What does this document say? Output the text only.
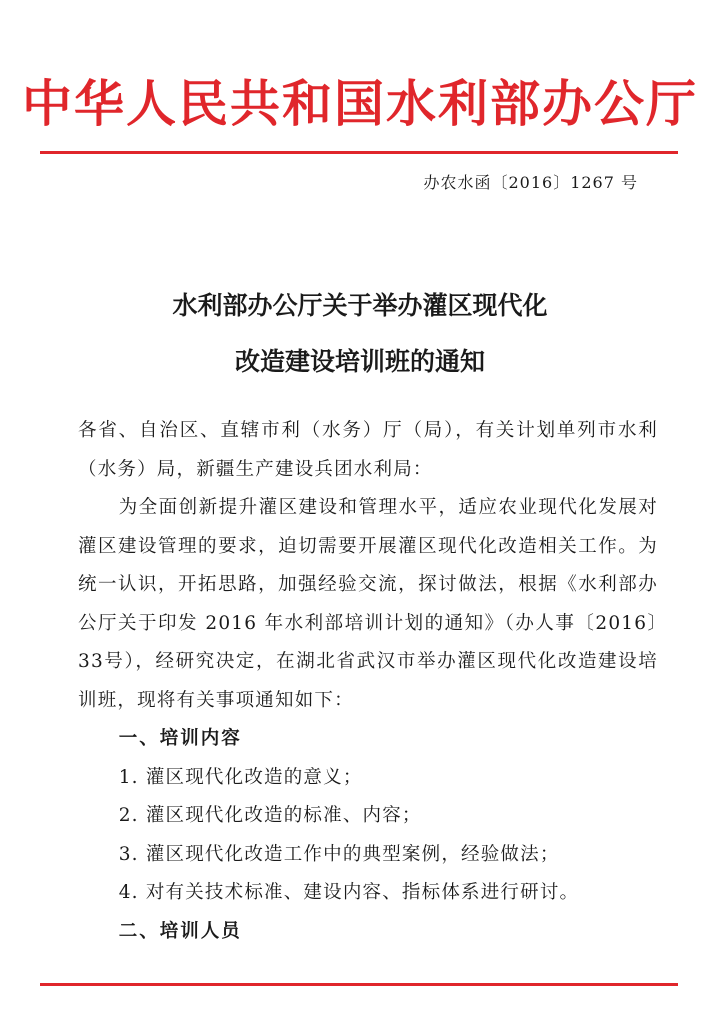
中华人民共和国水利部办公厅
办农水函〔2016〕1267 号
水利部办公厅关于举办灌区现代化
改造建设培训班的通知

各省、自治区、直辖市利（水务）厅（局），有关计划单列市水利（水务）局，新疆生产建设兵团水利局：

为全面创新提升灌区建设和管理水平，适应农业现代化发展对灌区建设管理的要求，迫切需要开展灌区现代化改造相关工作。为统一认识，开拓思路，加强经验交流，探讨做法，根据《水利部办公厅关于印发 2016 年水利部培训计划的通知》（办人事〔2016〕33号），经研究决定，在湖北省武汉市举办灌区现代化改造建设培训班，现将有关事项通知如下：

一、培训内容

1. 灌区现代化改造的意义；

2. 灌区现代化改造的标准、内容；

3. 灌区现代化改造工作中的典型案例，经验做法；

4. 对有关技术标准、建设内容、指标体系进行研讨。

二、培训人员
